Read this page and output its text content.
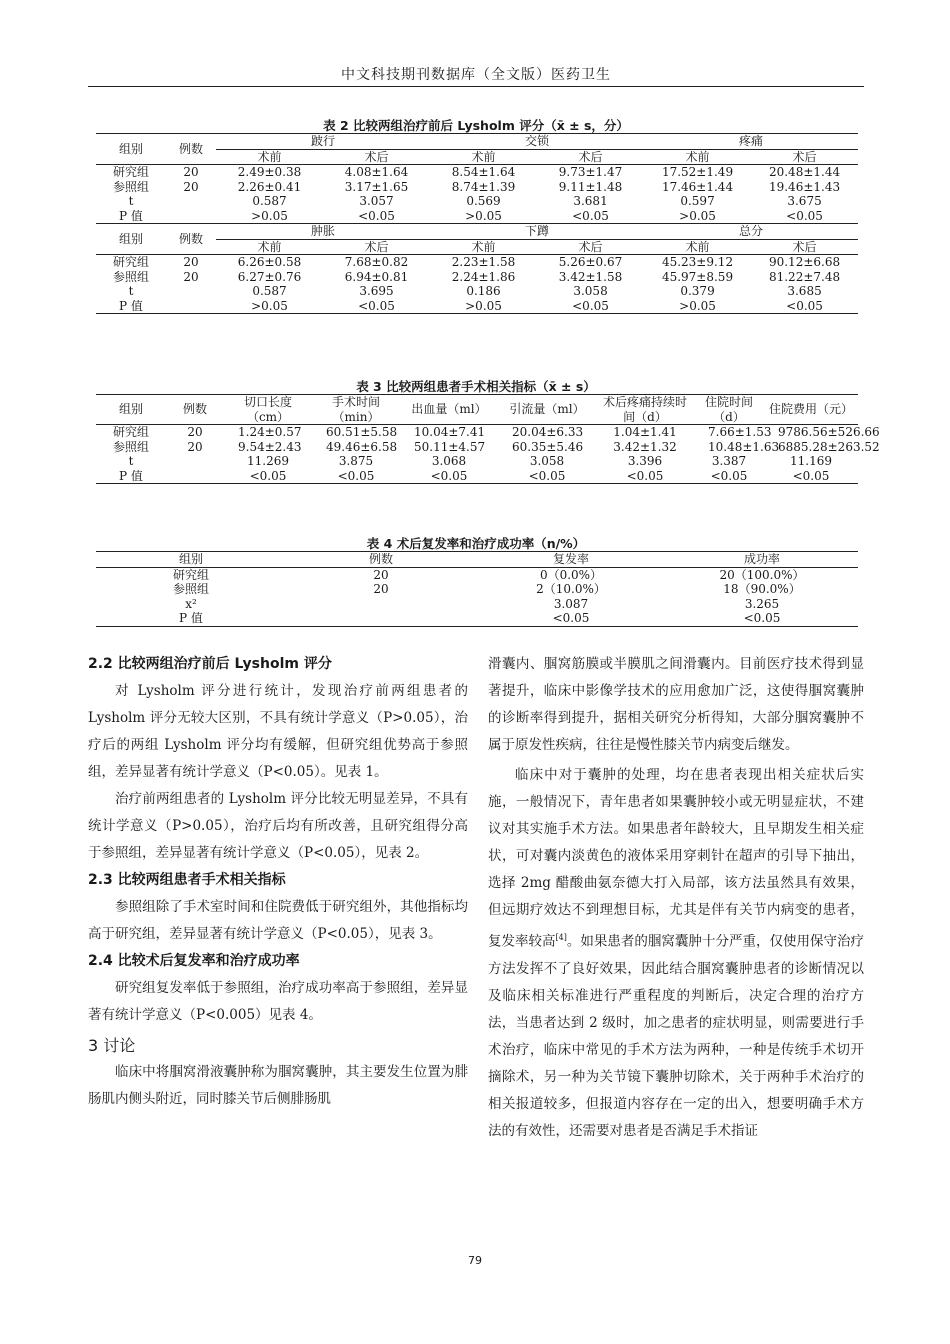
中文科技期刊数据库（全文版）医药卫生
表 2 比较两组治疗前后 Lysholm 评分（x̄ ± s，分）
组别	例数	跛行		交锁		疼痛	
		术前	术后	术前	术后	术前	术后
研究组	20	2.49±0.38	4.08±1.64	8.54±1.64	9.73±1.47	17.52±1.49	20.48±1.44
参照组	20	2.26±0.41	3.17±1.65	8.74±1.39	9.11±1.48	17.46±1.44	19.46±1.43
t		0.587	3.057	0.569	3.681	0.597	3.675
P 值		>0.05	<0.05	>0.05	<0.05	>0.05	<0.05
组别	例数	肿胀		下蹲		总分	
		术前	术后	术前	术后	术前	术后
研究组	20	6.26±0.58	7.68±0.82	2.23±1.58	5.26±0.67	45.23±9.12	90.12±6.68
参照组	20	6.27±0.76	6.94±0.81	2.24±1.86	3.42±1.58	45.97±8.59	81.22±7.48
t		0.587	3.695	0.186	3.058	0.379	3.685
P 值		>0.05	<0.05	>0.05	<0.05	>0.05	<0.05
表 3 比较两组患者手术相关指标（x̄ ± s）
组别	例数	切口长度（cm）	手术时间（min）	出血量（ml）	引流量（ml）	术后疼痛持续时间（d）	住院时间（d）	住院费用（元）
研究组	20	1.24±0.57	60.51±5.58	10.04±7.41	20.04±6.33	1.04±1.41	7.66±1.53	9786.56±526.66
参照组	20	9.54±2.43	49.46±6.58	50.11±4.57	60.35±5.46	3.42±1.32	10.48±1.63	6885.28±263.52
t		11.269	3.875	3.068	3.058	3.396	3.387	11.169
P 值		<0.05	<0.05	<0.05	<0.05	<0.05	<0.05	<0.05
表 4 术后复发率和治疗成功率（n/%）
组别	例数	复发率	成功率
研究组	20	0（0.0%）	20（100.0%）
参照组	20	2（10.0%）	18（90.0%）
x²		3.087	3.265
P 值		<0.05	<0.05

2.2 比较两组治疗前后 Lysholm 评分

对 Lysholm 评分进行统计，发现治疗前两组患者的 Lysholm 评分无较大区别，不具有统计学意义（P>0.05），治疗后的两组 Lysholm 评分均有缓解，但研究组优势高于参照组，差异显著有统计学意义（P<0.05）。见表 1。

治疗前两组患者的 Lysholm 评分比较无明显差异，不具有统计学意义（P>0.05），治疗后均有所改善，且研究组得分高于参照组，差异显著有统计学意义（P<0.05），见表 2。

2.3 比较两组患者手术相关指标

参照组除了手术室时间和住院费低于研究组外，其他指标均高于研究组，差异显著有统计学意义（P<0.05），见表 3。

2.4 比较术后复发率和治疗成功率

研究组复发率低于参照组，治疗成功率高于参照组，差异显著有统计学意义（P<0.005）见表 4。

3 讨论

临床中将腘窝滑液囊肿称为腘窝囊肿，其主要发生位置为腓肠肌内侧头附近，同时膝关节后侧腓肠肌

滑囊内、腘窝筋膜或半膜肌之间滑囊内。目前医疗技术得到显著提升，临床中影像学技术的应用愈加广泛，这使得腘窝囊肿的诊断率得到提升，据相关研究分析得知，大部分腘窝囊肿不属于原发性疾病，往往是慢性膝关节内病变后继发。

临床中对于囊肿的处理，均在患者表现出相关症状后实施，一般情况下，青年患者如果囊肿较小或无明显症状，不建议对其实施手术方法。如果患者年龄较大，且早期发生相关症状，可对囊内淡黄色的液体采用穿刺针在超声的引导下抽出，选择 2mg 醋酸曲氨奈德大打入局部，该方法虽然具有效果，但远期疗效达不到理想目标，尤其是伴有关节内病变的患者，复发率较高[4]。如果患者的腘窝囊肿十分严重，仅使用保守治疗方法发挥不了良好效果，因此结合腘窝囊肿患者的诊断情况以及临床相关标准进行严重程度的判断后，决定合理的治疗方法，当患者达到 2 级时，加之患者的症状明显，则需要进行手术治疗，临床中常见的手术方法为两种，一种是传统手术切开摘除术，另一种为关节镜下囊肿切除术，关于两种手术治疗的相关报道较多，但报道内容存在一定的出入，想要明确手术方法的有效性，还需要对患者是否满足手术指证

79
